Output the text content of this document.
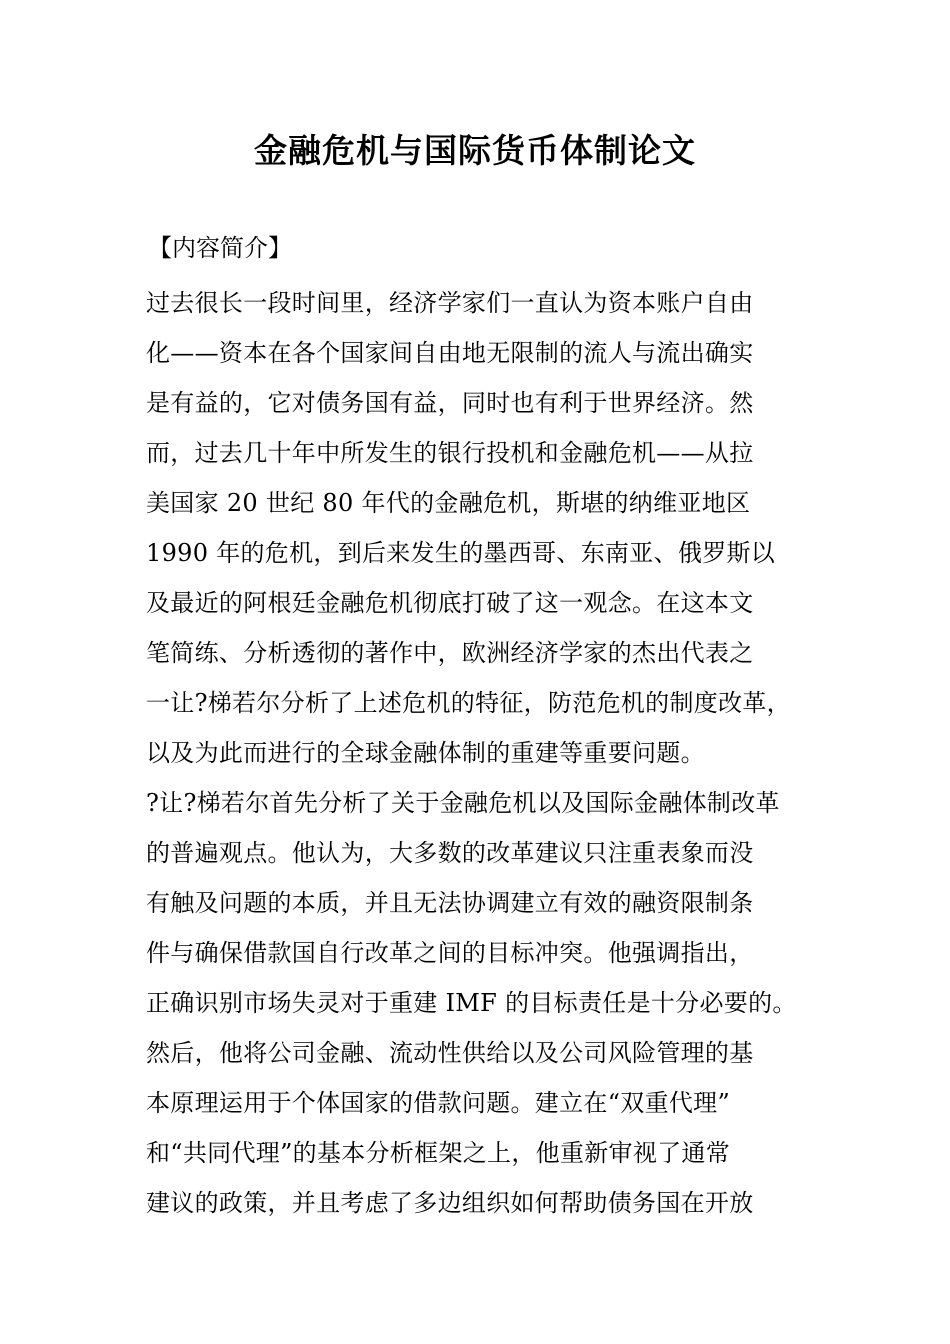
金融危机与国际货币体制论文
【内容简介】
过去很长一段时间里，经济学家们一直认为资本账户自由
化——资本在各个国家间自由地无限制的流人与流出确实
是有益的，它对债务国有益，同时也有利于世界经济。然
而，过去几十年中所发生的银行投机和金融危机——从拉
美国家 20 世纪 80 年代的金融危机，斯堪的纳维亚地区
1990 年的危机，到后来发生的墨西哥、东南亚、俄罗斯以
及最近的阿根廷金融危机彻底打破了这一观念。在这本文
笔简练、分析透彻的著作中，欧洲经济学家的杰出代表之
一让?梯若尔分析了上述危机的特征，防范危机的制度改革，
以及为此而进行的全球金融体制的重建等重要问题。
?让?梯若尔首先分析了关于金融危机以及国际金融体制改革
的普遍观点。他认为，大多数的改革建议只注重表象而没
有触及问题的本质，并且无法协调建立有效的融资限制条
件与确保借款国自行改革之间的目标冲突。他强调指出，
正确识别市场失灵对于重建 IMF 的目标责任是十分必要的。
然后，他将公司金融、流动性供给以及公司风险管理的基
本原理运用于个体国家的借款问题。建立在“双重代理”
和“共同代理”的基本分析框架之上，他重新审视了通常
建议的政策，并且考虑了多边组织如何帮助债务国在开放
